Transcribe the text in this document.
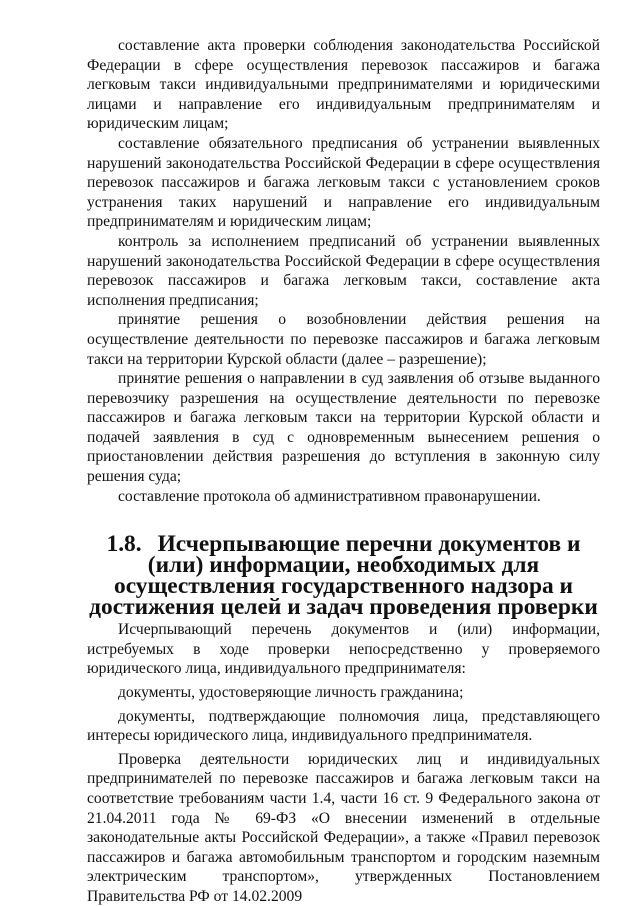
составление акта проверки соблюдения законодательства Российской Федерации в сфере осуществления перевозок пассажиров и багажа легковым такси индивидуальными предпринимателями и юридическими лицами и направление его индивидуальным предпринимателям и юридическим лицам;

составление обязательного предписания об устранении выявленных нарушений законодательства Российской Федерации в сфере осуществления перевозок пассажиров и багажа легковым такси с установлением сроков устранения таких нарушений и направление его индивидуальным предпринимателям и юридическим лицам;

контроль за исполнением предписаний об устранении выявленных нарушений законодательства Российской Федерации в сфере осуществления перевозок пассажиров и багажа легковым такси, составление акта исполнения предписания;

принятие решения о возобновлении действия решения на осуществление деятельности по перевозке пассажиров и багажа легковым такси на территории Курской области (далее – разрешение);

принятие решения о направлении в суд заявления об отзыве выданного перевозчику разрешения на осуществление деятельности по перевозке пассажиров и багажа легковым такси на территории Курской области и подачей заявления в суд с одновременным вынесением решения о приостановлении действия разрешения до вступления в законную силу решения суда;

составление протокола об административном правонарушении.

1.8. Исчерпывающие перечни документов и (или) информации, необходимых для осуществления государственного надзора и достижения целей и задач проведения проверки

Исчерпывающий перечень документов и (или) информации, истребуемых в ходе проверки непосредственно у проверяемого юридического лица, индивидуального предпринимателя:

документы, удостоверяющие личность гражданина;

документы, подтверждающие полномочия лица, представляющего интересы юридического лица, индивидуального предпринимателя.

Проверка деятельности юридических лиц и индивидуальных предпринимателей по перевозке пассажиров и багажа легковым такси на соответствие требованиям части 1.4, части 16 ст. 9 Федерального закона от 21.04.2011 года № 69-ФЗ «О внесении изменений в отдельные законодательные акты Российской Федерации», а также «Правил перевозок пассажиров и багажа автомобильным транспортом и городским наземным электрическим транспортом», утвержденных Постановлением Правительства РФ от 14.02.2009
